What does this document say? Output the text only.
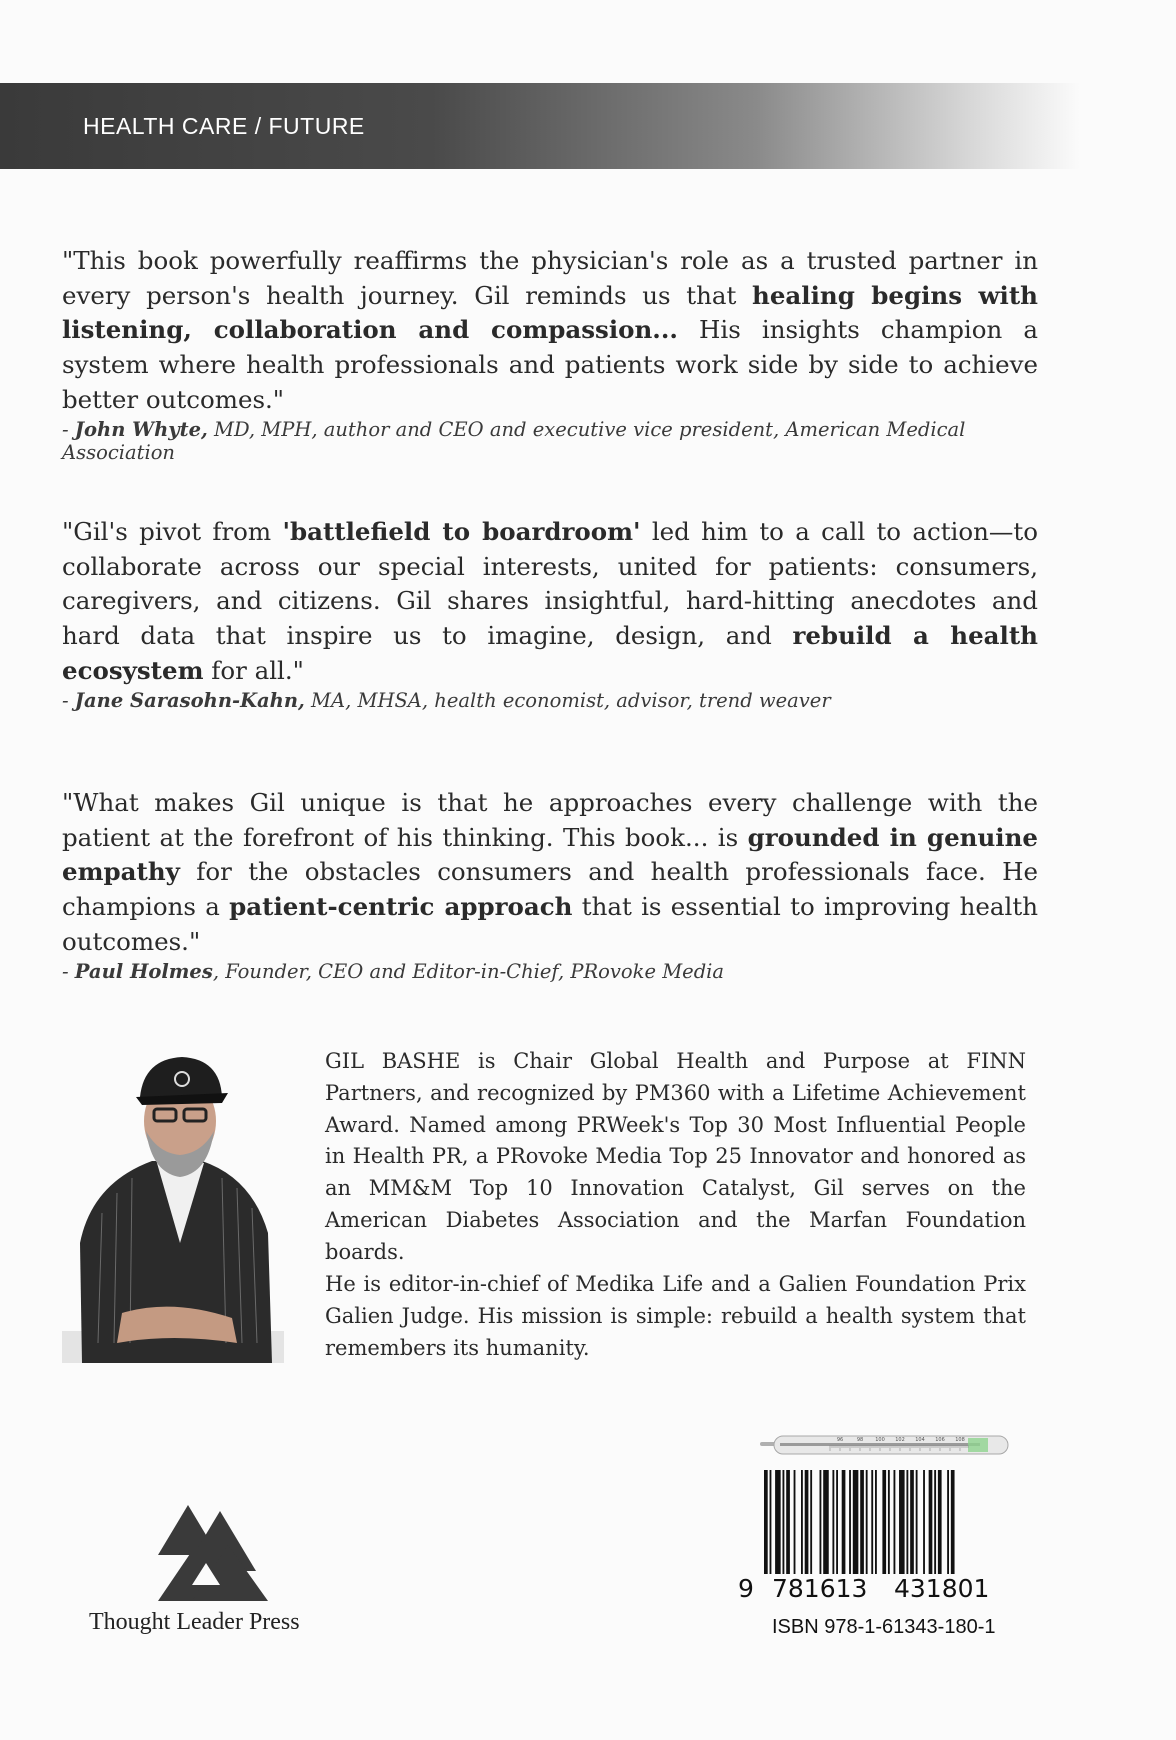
HEALTH CARE / FUTURE
"This book powerfully reaffirms the physician's role as a trusted partner in every person's health journey. Gil reminds us that healing begins with listening, collaboration and compassion... His insights champion a system where health professionals and patients work side by side to achieve better outcomes."
- John Whyte, MD, MPH, author and CEO and executive vice president, American Medical Association
"Gil's pivot from 'battlefield to boardroom' led him to a call to action—to collaborate across our special interests, united for patients: consumers, caregivers, and citizens. Gil shares insightful, hard-hitting anecdotes and hard data that inspire us to imagine, design, and rebuild a health ecosystem for all."
- Jane Sarasohn-Kahn, MA, MHSA, health economist, advisor, trend weaver
"What makes Gil unique is that he approaches every challenge with the patient at the forefront of his thinking. This book... is grounded in genuine empathy for the obstacles consumers and health professionals face. He champions a patient-centric approach that is essential to improving health outcomes."
- Paul Holmes, Founder, CEO and Editor-in-Chief, PRovoke Media
GIL BASHE is Chair Global Health and Purpose at FINN Partners, and recognized by PM360 with a Lifetime Achievement Award. Named among PRWeek's Top 30 Most Influential People in Health PR, a PRovoke Media Top 25 Innovator and honored as an MM&M Top 10 Innovation Catalyst, Gil serves on the American Diabetes Association and the Marfan Foundation boards.
He is editor-in-chief of Medika Life and a Galien Foundation Prix Galien Judge. His mission is simple: rebuild a health system that remembers its humanity.
Thought Leader Press
96	98 100 102 104 106 108
9 781613 431801
ISBN 978-1-61343-180-1
